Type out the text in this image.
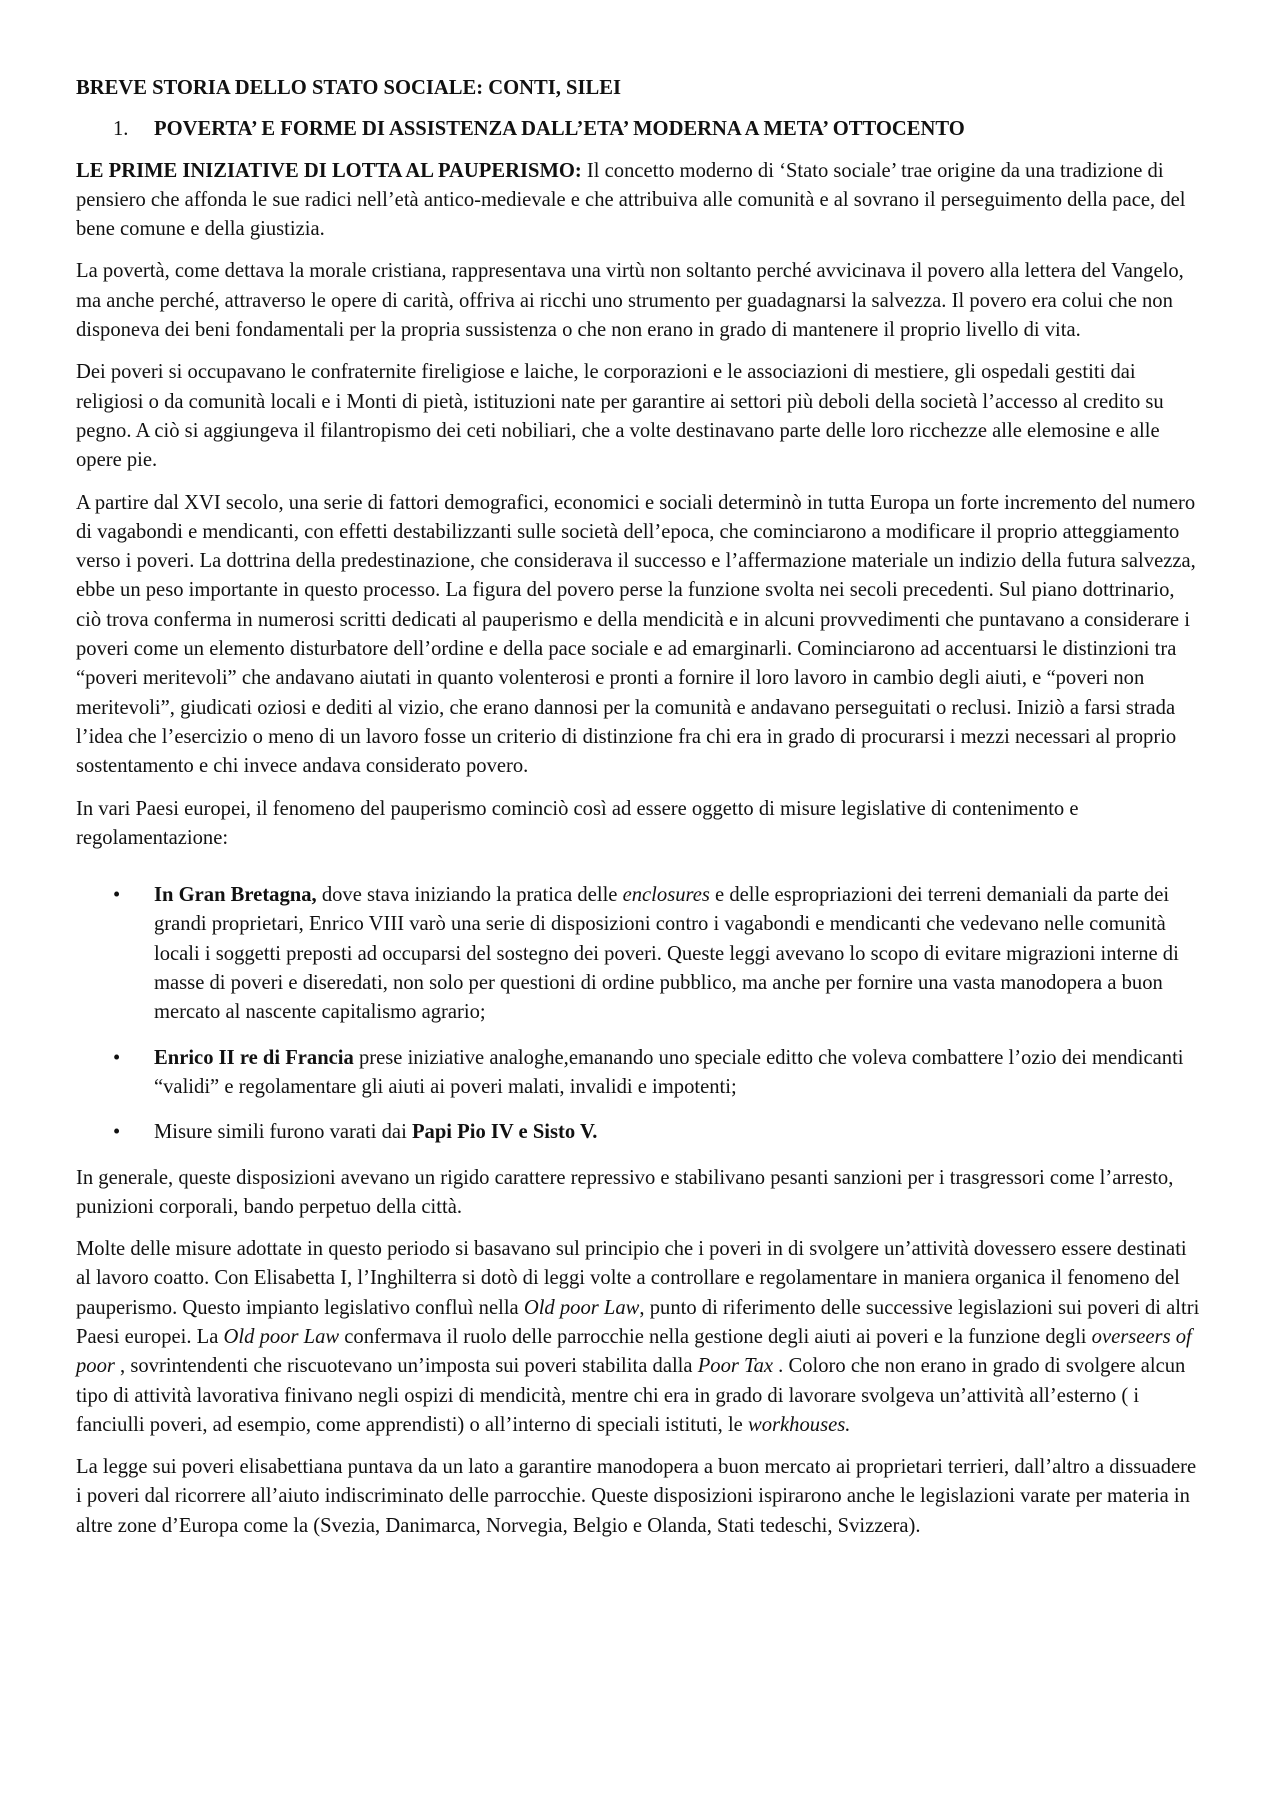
BREVE STORIA DELLO STATO SOCIALE: CONTI, SILEI
1.	POVERTA’ E FORME DI ASSISTENZA DALL’ETA’ MODERNA A META’ OTTOCENTO

LE PRIME INIZIATIVE DI LOTTA AL PAUPERISMO: Il concetto moderno di ‘Stato sociale’ trae origine da una tradizione di pensiero che affonda le sue radici nell’età antico-medievale e che attribuiva alle comunità e al sovrano il perseguimento della pace, del bene comune e della giustizia.

La povertà, come dettava la morale cristiana, rappresentava una virtù non soltanto perché avvicinava il povero alla lettera del Vangelo, ma anche perché, attraverso le opere di carità, offriva ai ricchi uno strumento per guadagnarsi la salvezza. Il povero era colui che non disponeva dei beni fondamentali per la propria sussistenza o che non erano in grado di mantenere il proprio livello di vita.

Dei poveri si occupavano le confraternite fireligiose e laiche, le corporazioni e le associazioni di mestiere, gli ospedali gestiti dai religiosi o da comunità locali e i Monti di pietà, istituzioni nate per garantire ai settori più deboli della società l’accesso al credito su pegno. A ciò si aggiungeva il filantropismo dei ceti nobiliari, che a volte destinavano parte delle loro ricchezze alle elemosine e alle opere pie.

A partire dal XVI secolo, una serie di fattori demografici, economici e sociali determinò in tutta Europa un forte incremento del numero di vagabondi e mendicanti, con effetti destabilizzanti sulle società dell’epoca, che cominciarono a modificare il proprio atteggiamento verso i poveri. La dottrina della predestinazione, che considerava il successo e l’affermazione materiale un indizio della futura salvezza, ebbe un peso importante in questo processo. La figura del povero perse la funzione svolta nei secoli precedenti. Sul piano dottrinario, ciò trova conferma in numerosi scritti dedicati al pauperismo e della mendicità e in alcuni provvedimenti che puntavano a considerare i poveri come un elemento disturbatore dell’ordine e della pace sociale e ad emarginarli. Cominciarono ad accentuarsi le distinzioni tra “poveri meritevoli” che andavano aiutati in quanto volenterosi e pronti a fornire il loro lavoro in cambio degli aiuti, e “poveri non meritevoli”, giudicati oziosi e dediti al vizio, che erano dannosi per la comunità e andavano perseguitati o reclusi. Iniziò a farsi strada l’idea che l’esercizio o meno di un lavoro fosse un criterio di distinzione fra chi era in grado di procurarsi i mezzi necessari al proprio sostentamento e chi invece andava considerato povero.

In vari Paesi europei, il fenomeno del pauperismo cominciò così ad essere oggetto di misure legislative di contenimento e regolamentazione:

• In Gran Bretagna, dove stava iniziando la pratica delle enclosures e delle espropriazioni dei terreni demaniali da parte dei grandi proprietari, Enrico VIII varò una serie di disposizioni contro i vagabondi e mendicanti che vedevano nelle comunità locali i soggetti preposti ad occuparsi del sostegno dei poveri. Queste leggi avevano lo scopo di evitare migrazioni interne di masse di poveri e diseredati, non solo per questioni di ordine pubblico, ma anche per fornire una vasta manodopera a buon mercato al nascente capitalismo agrario;
• Enrico II re di Francia prese iniziative analoghe,emanando uno speciale editto che voleva combattere l’ozio dei mendicanti “validi” e regolamentare gli aiuti ai poveri malati, invalidi e impotenti;
• Misure simili furono varati dai Papi Pio IV e Sisto V.

In generale, queste disposizioni avevano un rigido carattere repressivo e stabilivano pesanti sanzioni per i trasgressori come l’arresto, punizioni corporali, bando perpetuo della città.

Molte delle misure adottate in questo periodo si basavano sul principio che i poveri in di svolgere un’attività dovessero essere destinati al lavoro coatto. Con Elisabetta I, l’Inghilterra si dotò di leggi volte a controllare e regolamentare in maniera organica il fenomeno del pauperismo. Questo impianto legislativo confluì nella Old poor Law, punto di riferimento delle successive legislazioni sui poveri di altri Paesi europei. La Old poor Law confermava il ruolo delle parrocchie nella gestione degli aiuti ai poveri e la funzione degli overseers of poor , sovrintendenti che riscuotevano un’imposta sui poveri stabilita dalla Poor Tax . Coloro che non erano in grado di svolgere alcun tipo di attività lavorativa finivano negli ospizi di mendicità, mentre chi era in grado di lavorare svolgeva un’attività all’esterno ( i fanciulli poveri, ad esempio, come apprendisti) o all’interno di speciali istituti, le workhouses.

La legge sui poveri elisabettiana puntava da un lato a garantire manodopera a buon mercato ai proprietari terrieri, dall’altro a dissuadere i poveri dal ricorrere all’aiuto indiscriminato delle parrocchie. Queste disposizioni ispirarono anche le legislazioni varate per materia in altre zone d’Europa come la (Svezia, Danimarca, Norvegia, Belgio e Olanda, Stati tedeschi, Svizzera).
